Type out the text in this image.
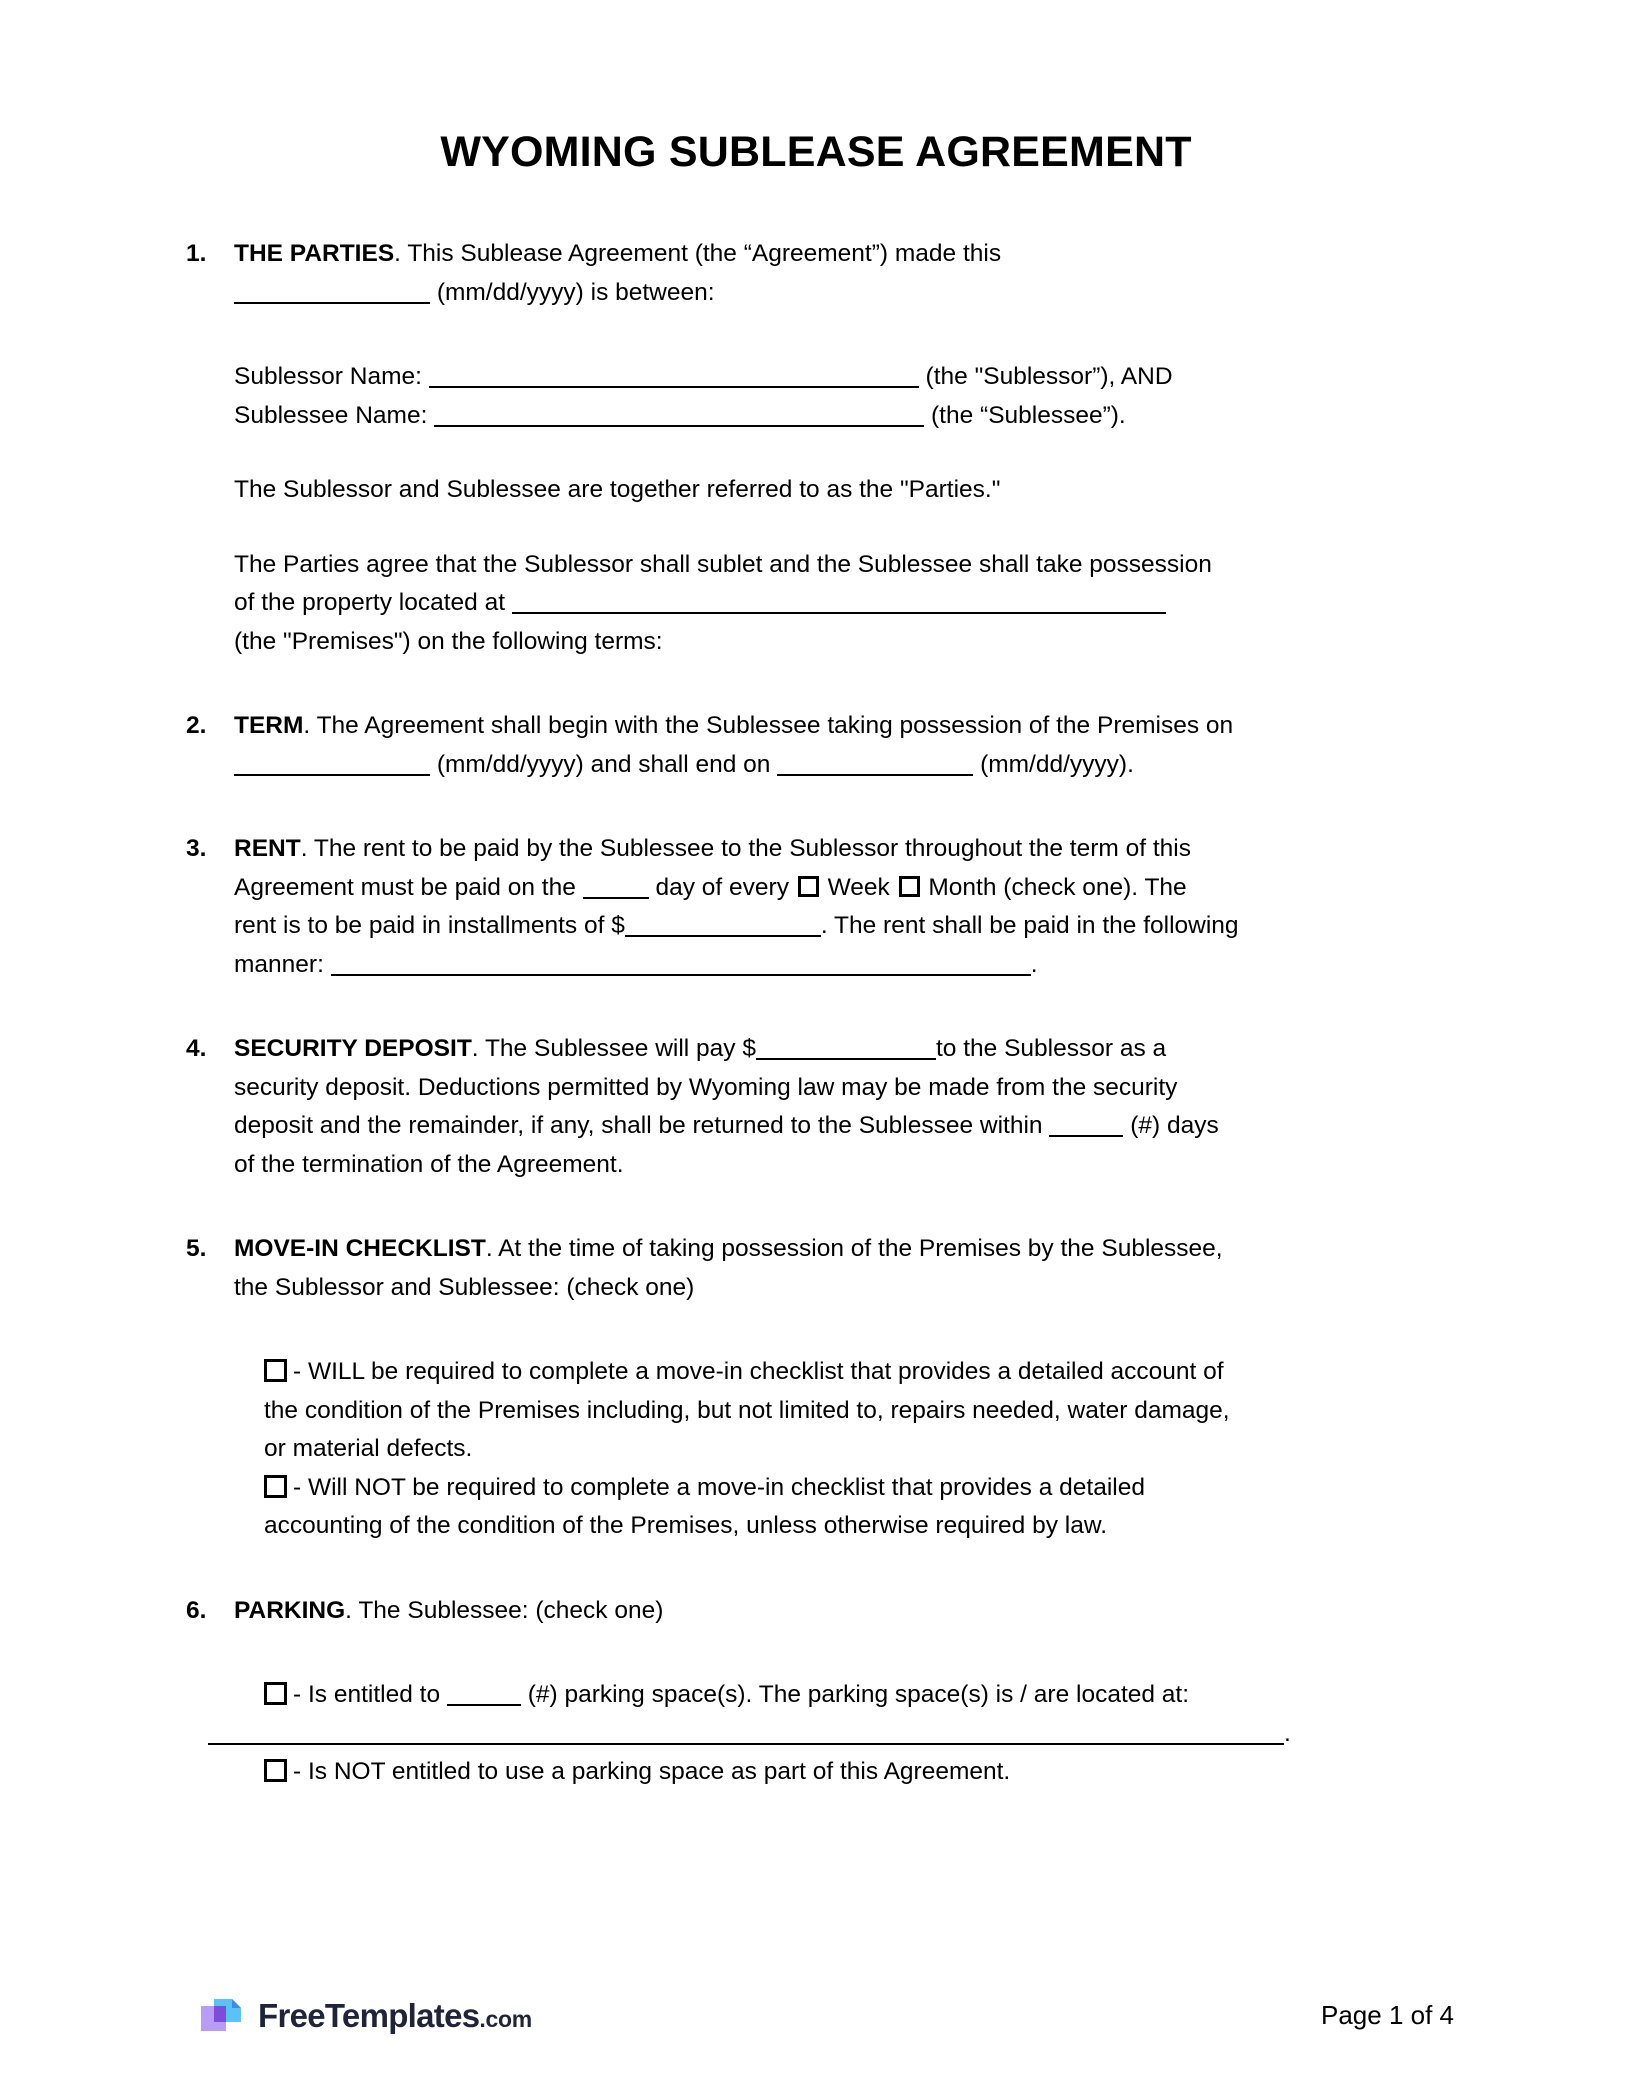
WYOMING SUBLEASE AGREEMENT
1.	THE PARTIES. This Sublease Agreement (the “Agreement”) made this
(mm/dd/yyyy) is between:
Sublessor Name:	(the "Sublessor”), AND
Sublessee Name:	(the “Sublessee”).
The Sublessor and Sublessee are together referred to as the "Parties."
The Parties agree that the Sublessor shall sublet and the Sublessee shall take possession
of the property located at
(the "Premises") on the following terms:
2.	TERM. The Agreement shall begin with the Sublessee taking possession of the Premises on
(mm/dd/yyyy) and shall end on	(mm/dd/yyyy).
3.	RENT. The rent to be paid by the Sublessee to the Sublessor throughout the term of this
Agreement must be paid on the	day of every Week Month (check one). The
rent is to be paid in installments of $	. The rent shall be paid in the following
manner:	.
4.	SECURITY DEPOSIT. The Sublessee will pay $	to the Sublessor as a
security deposit. Deductions permitted by Wyoming law may be made from the security
deposit and the remainder, if any, shall be returned to the Sublessee within	(#) days
of the termination of the Agreement.
5.	MOVE-IN CHECKLIST. At the time of taking possession of the Premises by the Sublessee,
the Sublessor and Sublessee: (check one)
- WILL be required to complete a move-in checklist that provides a detailed account of
the condition of the Premises including, but not limited to, repairs needed, water damage,
or material defects.
- Will NOT be required to complete a move-in checklist that provides a detailed
accounting of the condition of the Premises, unless otherwise required by law.
6.	PARKING. The Sublessee: (check one)
- Is entitled to	(#) parking space(s). The parking space(s) is / are located at:
.
- Is NOT entitled to use a parking space as part of this Agreement.
FreeTemplates.com	Page 1 of 4
